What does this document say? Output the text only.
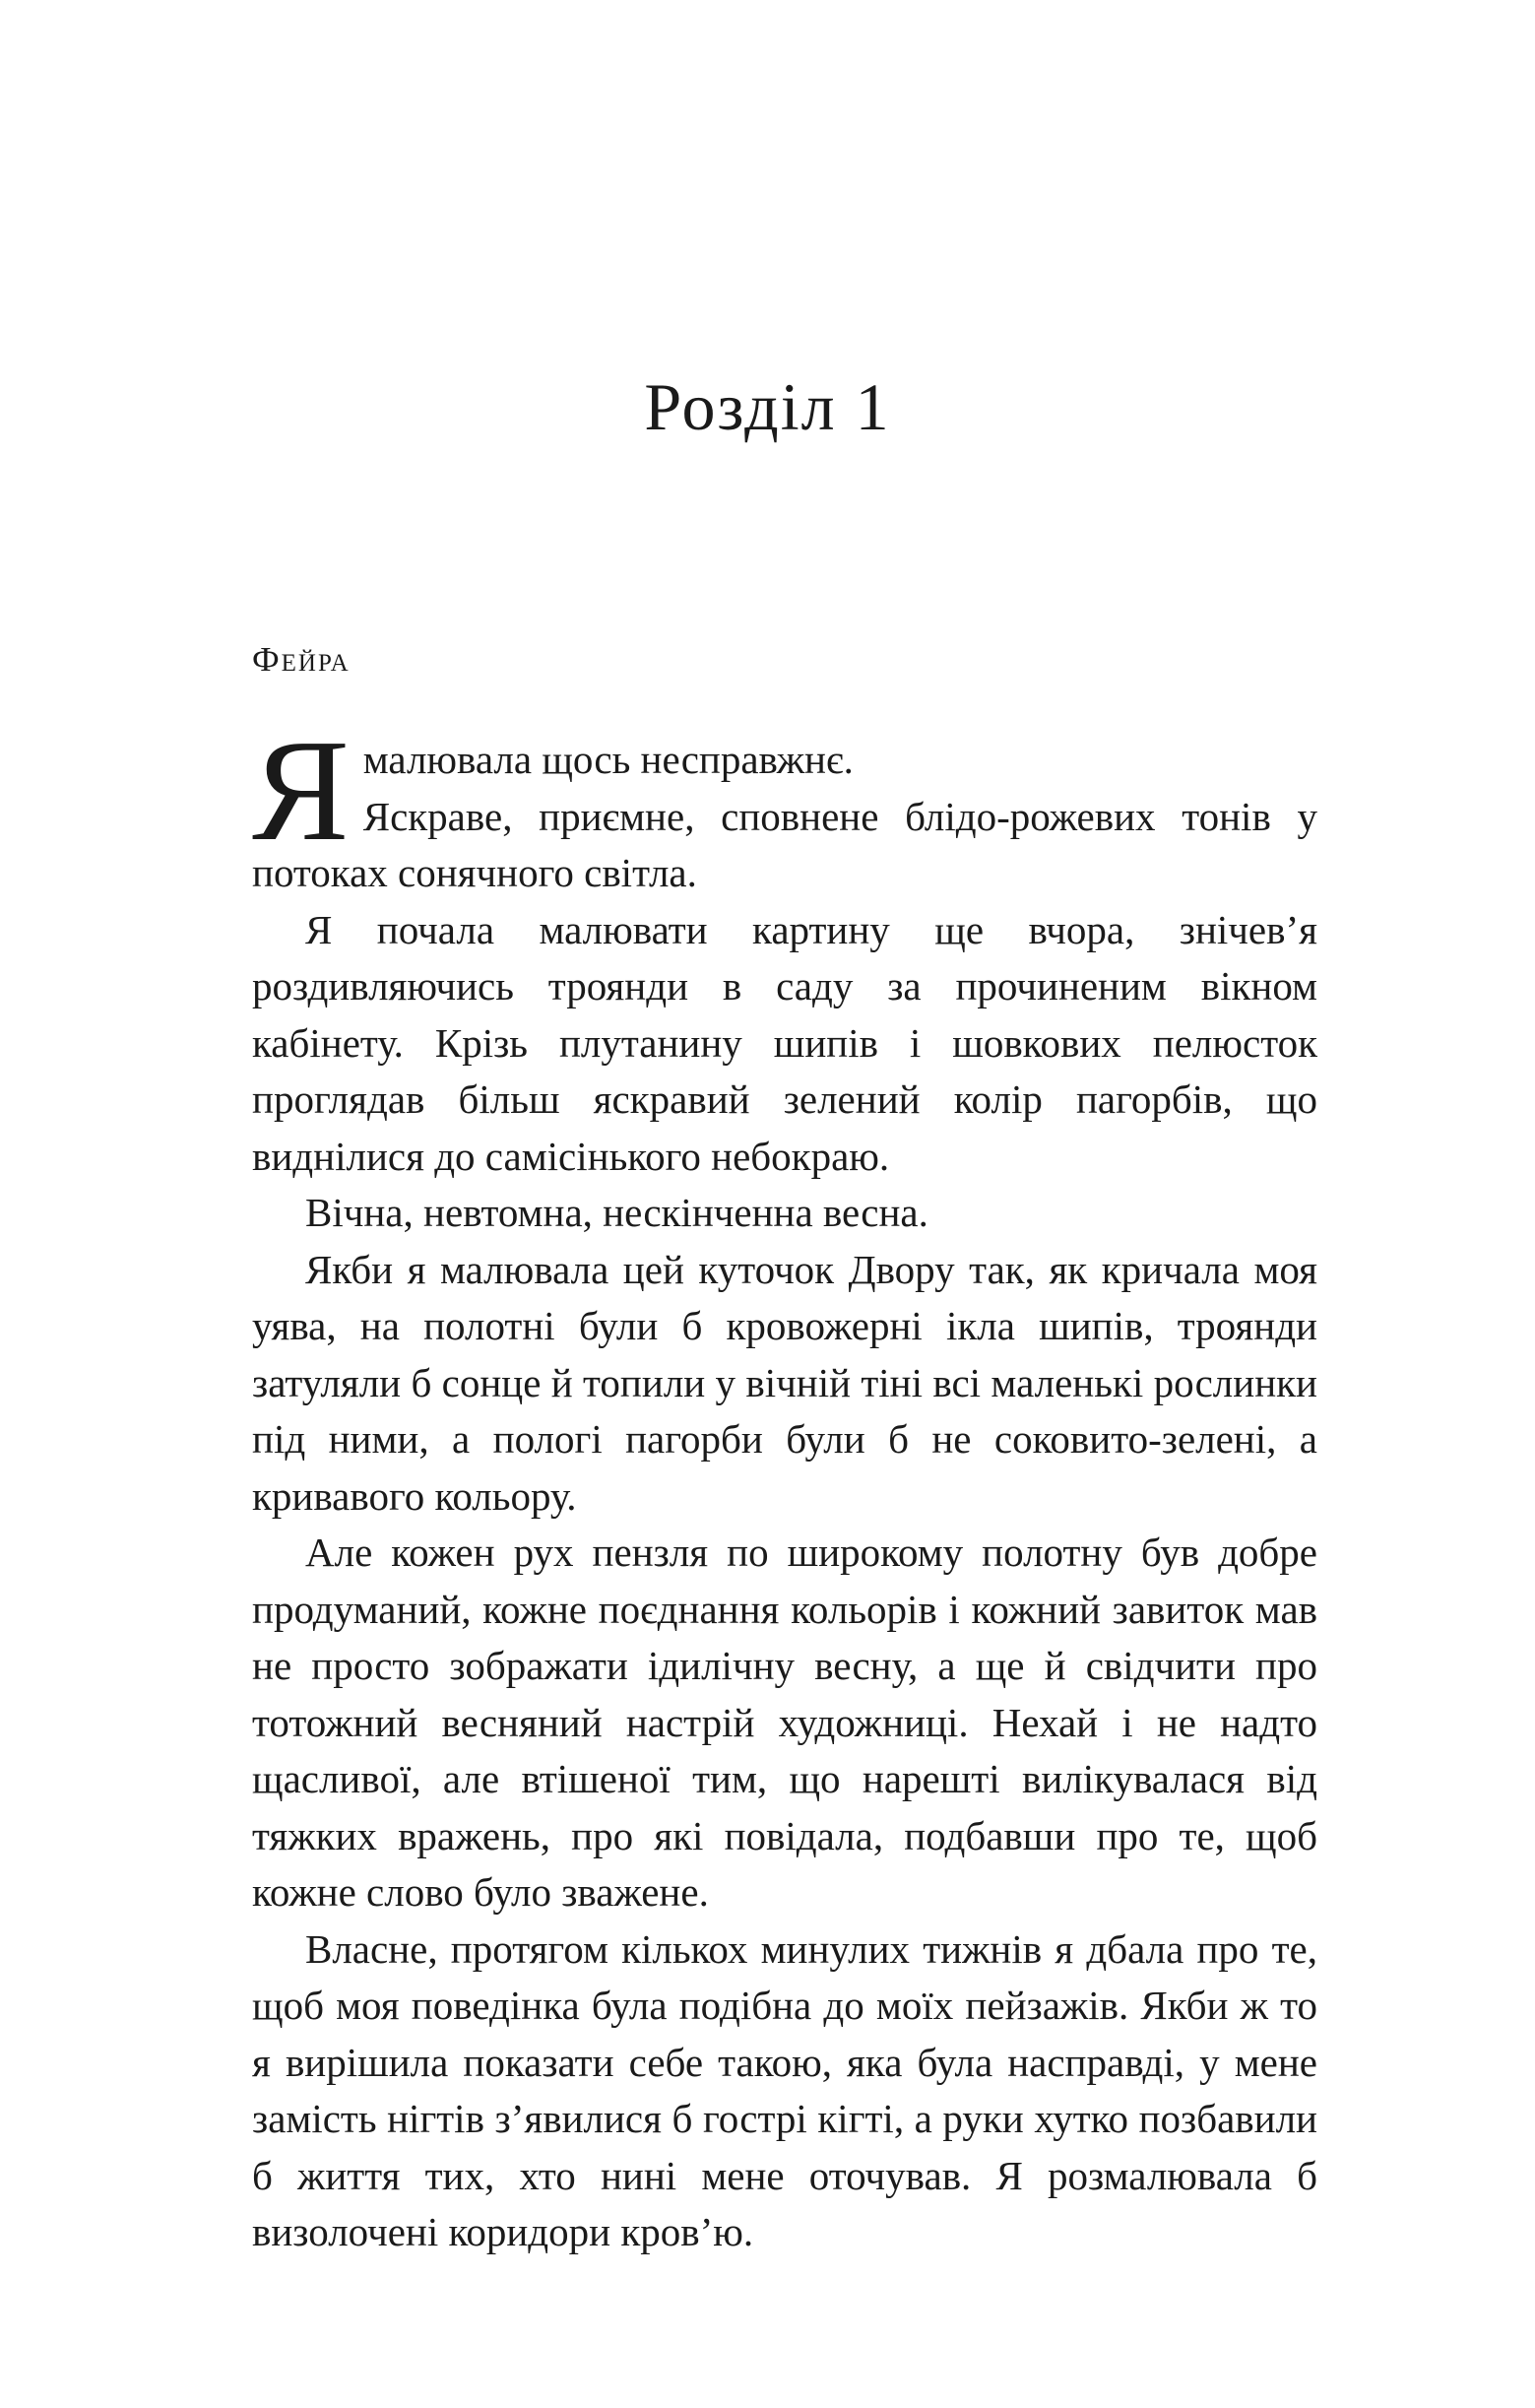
Розділ 1
Фейра

Ямалювала щось несправжнє.
Яскраве, приємне, сповнене блідо-рожевих тонів у потоках сонячного світла.

Я почала малювати картину ще вчора, знічев’я роздивляючись троянди в саду за прочиненим вікном кабінету. Крізь плутанину шипів і шовкових пелюсток проглядав більш яскравий зелений колір пагорбів, що виднілися до самісінького небокраю.

Вічна, невтомна, нескінченна весна.

Якби я малювала цей куточок Двору так, як кричала моя уява, на полотні були б кровожерні ікла шипів, троянди затуляли б сонце й топили у вічній тіні всі маленькі рослинки під ними, а пологі пагорби були б не соковито-зелені, а кривавого кольору.

Але кожен рух пензля по широкому полотну був добре продуманий, кожне поєднання кольорів і кожний завиток мав не просто зображати ідилічну весну, а ще й свідчити про тотожний весняний настрій художниці. Нехай і не надто щасливої, але втішеної тим, що нарешті вилікувалася від тяжких вражень, про які повідала, подбавши про те, щоб кожне слово було зважене.

Власне, протягом кількох минулих тижнів я дбала про те, щоб моя поведінка була подібна до моїх пейзажів. Якби ж то я вирішила показати себе такою, яка була насправді, у мене замість нігтів з’явилися б гострі кігті, а руки хутко позбавили б життя тих, хто нині мене оточував. Я розмалювала б визолочені коридори кров’ю.
